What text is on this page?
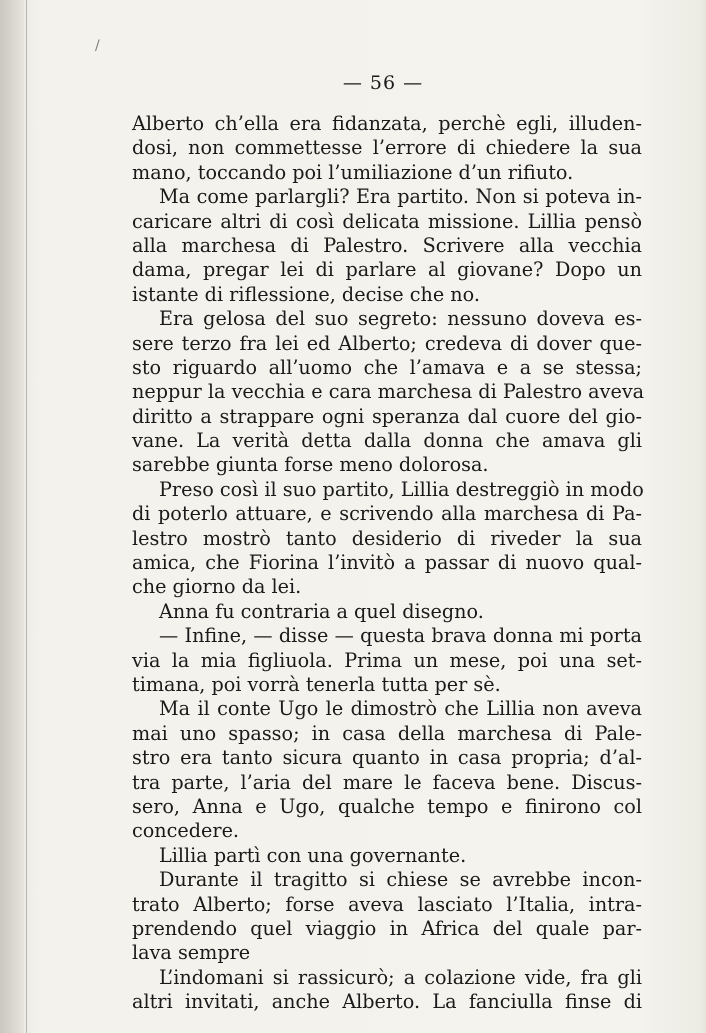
/
— 56 —
Alberto ch’ella era fidanzata, perchè egli, illuden-
dosi, non commettesse l’errore di chiedere la sua
mano, toccando poi l’umiliazione d’un rifiuto.
Ma come parlargli? Era partito. Non si poteva in-
caricare altri di così delicata missione. Lillia pensò
alla marchesa di Palestro. Scrivere alla vecchia
dama, pregar lei di parlare al giovane? Dopo un
istante di riflessione, decise che no.
Era gelosa del suo segreto: nessuno doveva es-
sere terzo fra lei ed Alberto; credeva di dover que-
sto riguardo all’uomo che l’amava e a se stessa;
neppur la vecchia e cara marchesa di Palestro aveva
diritto a strappare ogni speranza dal cuore del gio-
vane. La verità detta dalla donna che amava gli
sarebbe giunta forse meno dolorosa.
Preso così il suo partito, Lillia destreggiò in modo
di poterlo attuare, e scrivendo alla marchesa di Pa-
lestro mostrò tanto desiderio di riveder la sua
amica, che Fiorina l’invitò a passar di nuovo qual-
che giorno da lei.
Anna fu contraria a quel disegno.
— Infine, — disse — questa brava donna mi porta
via la mia figliuola. Prima un mese, poi una set-
timana, poi vorrà tenerla tutta per sè.
Ma il conte Ugo le dimostrò che Lillia non aveva
mai uno spasso; in casa della marchesa di Pale-
stro era tanto sicura quanto in casa propria; d’al-
tra parte, l’aria del mare le faceva bene. Discus-
sero, Anna e Ugo, qualche tempo e finirono col
concedere.
Lillia partì con una governante.
Durante il tragitto si chiese se avrebbe incon-
trato Alberto; forse aveva lasciato l’Italia, intra-
prendendo quel viaggio in Africa del quale par-
lava sempre
L’indomani si rassicurò; a colazione vide, fra gli
altri invitati, anche Alberto. La fanciulla finse di
